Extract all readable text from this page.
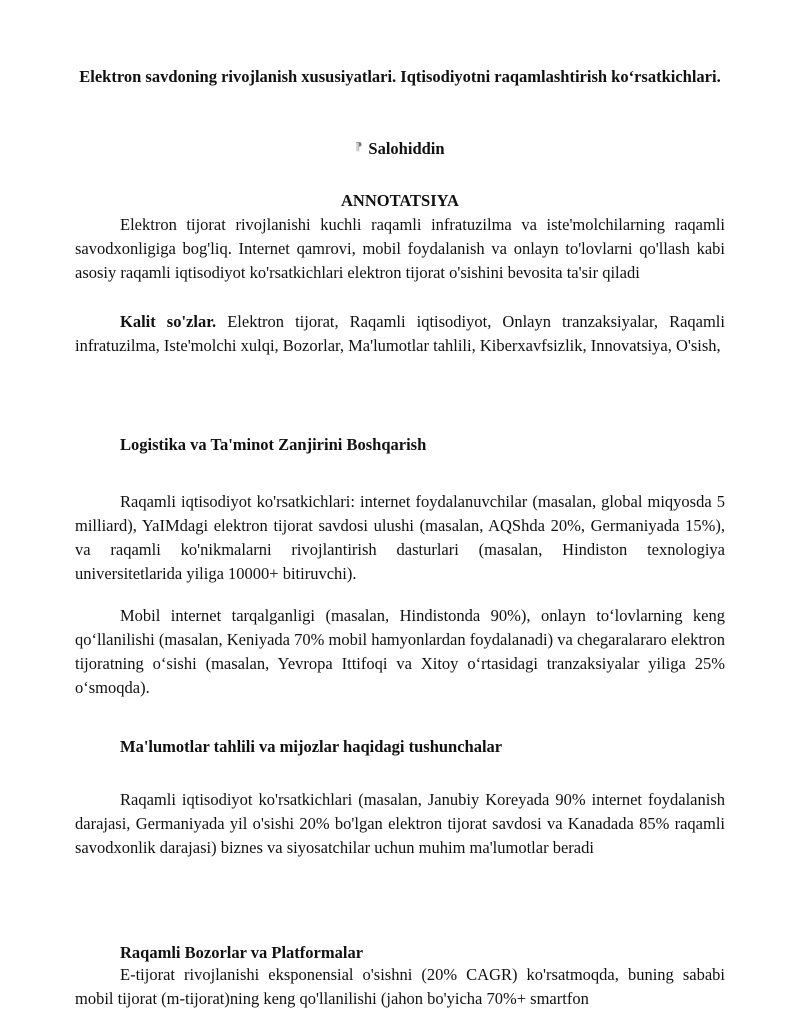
Elektron savdoning rivojlanish xususiyatlari. Iqtisodiyotni raqamlashtirish ko‘rsatkichlari.
⁋ Salohiddin
ANNOTATSIYA

Elektron tijorat rivojlanishi kuchli raqamli infratuzilma va iste'molchilarning raqamli savodxonligiga bog'liq. Internet qamrovi, mobil foydalanish va onlayn to'lovlarni qo'llash kabi asosiy raqamli iqtisodiyot ko'rsatkichlari elektron tijorat o'sishini bevosita ta'sir qiladi

Kalit so'zlar. Elektron tijorat, Raqamli iqtisodiyot, Onlayn tranzaksiyalar, Raqamli infratuzilma, Iste'molchi xulqi, Bozorlar, Ma'lumotlar tahlili, Kiberxavfsizlik, Innovatsiya, O'sish,

Logistika va Ta'minot Zanjirini Boshqarish

Raqamli iqtisodiyot ko'rsatkichlari: internet foydalanuvchilar (masalan, global miqyosda 5 milliard), YaIMdagi elektron tijorat savdosi ulushi (masalan, AQShda 20%, Germaniyada 15%), va raqamli ko'nikmalarni rivojlantirish dasturlari (masalan, Hindiston texnologiya universitetlarida yiliga 10000+ bitiruvchi).

Mobil internet tarqalganligi (masalan, Hindistonda 90%), onlayn to‘lovlarning keng qo‘llanilishi (masalan, Keniyada 70% mobil hamyonlardan foydalanadi) va chegaralararo elektron tijoratning o‘sishi (masalan, Yevropa Ittifoqi va Xitoy o‘rtasidagi tranzaksiyalar yiliga 25% o‘smoqda).

Ma'lumotlar tahlili va mijozlar haqidagi tushunchalar

Raqamli iqtisodiyot ko'rsatkichlari (masalan, Janubiy Koreyada 90% internet foydalanish darajasi, Germaniyada yil o'sishi 20% bo'lgan elektron tijorat savdosi va Kanadada 85% raqamli savodxonlik darajasi) biznes va siyosatchilar uchun muhim ma'lumotlar beradi

Raqamli Bozorlar va Platformalar

E-tijorat rivojlanishi eksponensial o'sishni (20% CAGR) ko'rsatmoqda, buning sababi mobil tijorat (m-tijorat)ning keng qo'llanilishi (jahon bo'yicha 70%+ smartfon
